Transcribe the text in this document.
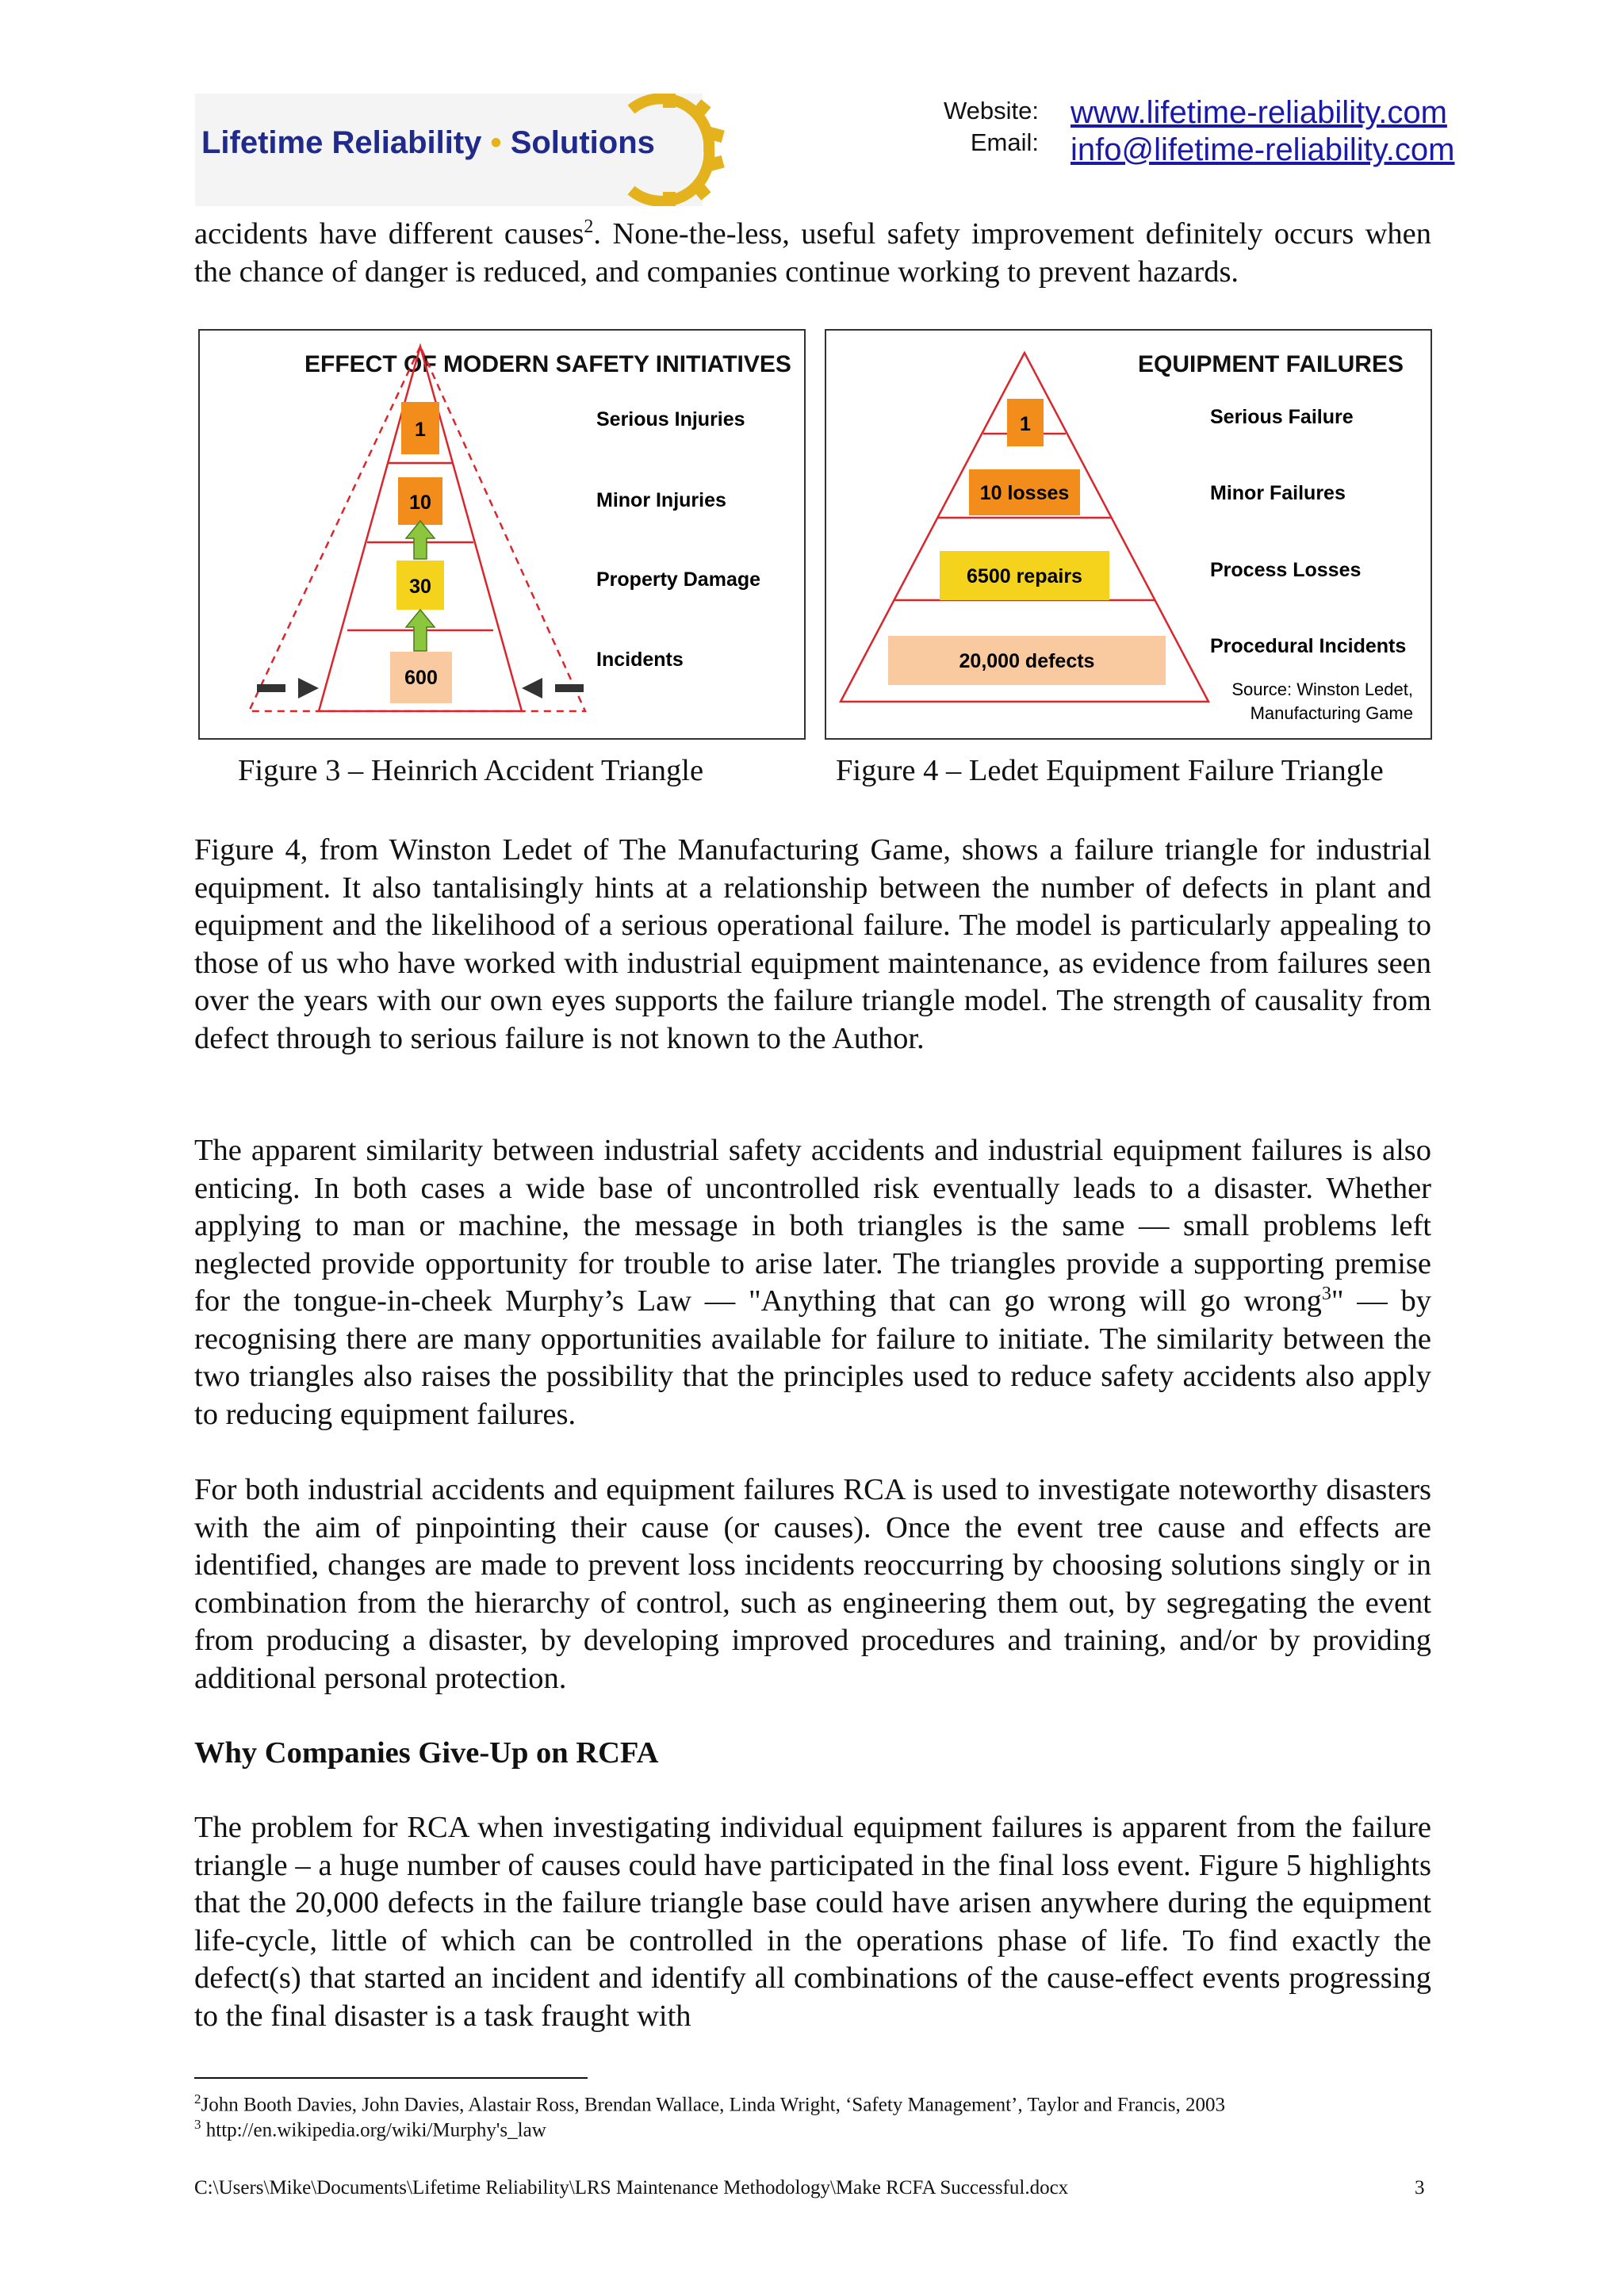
Lifetime Reliability • Solutions
Website:
Email:
www.lifetime-reliability.com
info@lifetime-reliability.com

accidents have different causes$^2$. None-the-less, useful safety improvement definitely occurs when the chance of danger is reduced, and companies continue working to prevent hazards.

EFFECT OF MODERN SAFETY INITIATIVES
1
10
30
600
Serious Injuries
Minor Injuries
Property Damage
Incidents
EQUIPMENT FAILURES
1
10 losses
6500 repairs
20,000 defects
Serious Failure
Minor Failures
Process Losses
Procedural Incidents
Source: Winston Ledet,
Manufacturing Game

Figure 3 – Heinrich Accident Triangle	Figure 4 – Ledet Equipment Failure Triangle

Figure 4, from Winston Ledet of The Manufacturing Game, shows a failure triangle for industrial equipment. It also tantalisingly hints at a relationship between the number of defects in plant and equipment and the likelihood of a serious operational failure. The model is particularly appealing to those of us who have worked with industrial equipment maintenance, as evidence from failures seen over the years with our own eyes supports the failure triangle model. The strength of causality from defect through to serious failure is not known to the Author.

The apparent similarity between industrial safety accidents and industrial equipment failures is also enticing. In both cases a wide base of uncontrolled risk eventually leads to a disaster. Whether applying to man or machine, the message in both triangles is the same — small problems left neglected provide opportunity for trouble to arise later. The triangles provide a supporting premise for the tongue-in-cheek Murphy’s Law — "Anything that can go wrong will go wrong$^3$" — by recognising there are many opportunities available for failure to initiate. The similarity between the two triangles also raises the possibility that the principles used to reduce safety accidents also apply to reducing equipment failures.

For both industrial accidents and equipment failures RCA is used to investigate noteworthy disasters with the aim of pinpointing their cause (or causes). Once the event tree cause and effects are identified, changes are made to prevent loss incidents reoccurring by choosing solutions singly or in combination from the hierarchy of control, such as engineering them out, by segregating the event from producing a disaster, by developing improved procedures and training, and/or by providing additional personal protection.

Why Companies Give-Up on RCFA

The problem for RCA when investigating individual equipment failures is apparent from the failure triangle – a huge number of causes could have participated in the final loss event. Figure 5 highlights that the 20,000 defects in the failure triangle base could have arisen anywhere during the equipment life-cycle, little of which can be controlled in the operations phase of life. To find exactly the defect(s) that started an incident and identify all combinations of the cause-effect events progressing to the final disaster is a task fraught with

$^2$John Booth Davies, John Davies, Alastair Ross, Brendan Wallace, Linda Wright, ‘Safety Management’, Taylor and Francis, 2003

$^3$ http://en.wikipedia.org/wiki/Murphy's_law

C:\Users\Mike\Documents\Lifetime Reliability\LRS Maintenance Methodology\Make RCFA Successful.docx	3
